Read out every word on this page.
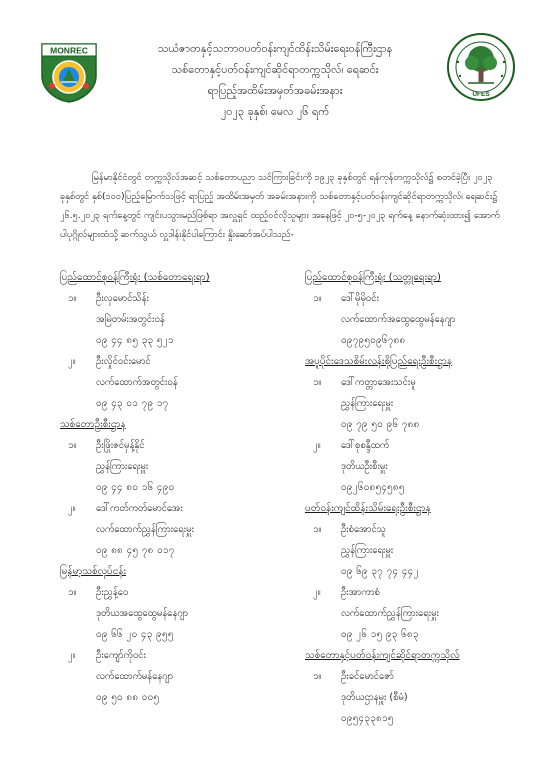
MONREC
UFES
သယံဇာတနှင့်သဘာဝပတ်ဝန်းကျင်ထိန်းသိမ်းရေးဝန်ကြီးဌာန
သစ်တောနှင့်ပတ်ဝန်းကျင်ဆိုင်ရာတက္ကသိုလ်၊ ရေဆင်း
ရာပြည့်အထိမ်းအမှတ်အခမ်းအနား
၂၀၂၃ ခုနှစ်၊ မေလ ၂၆ ရက်

မြန်မာနိုင်ငံတွင် တက္ကသိုလ်အဆင့် သစ်တောပညာ သင်ကြားခြင်းကို ၁၉၂၃ ခုနှစ်တွင် ရန်ကုန်တက္ကသိုလ်၌ စတင်ခဲ့ပြီး ၂၀၂၃ ခုနှစ်တွင် နှစ်(၁၀၀)ပြည့်မြောက်သဖြင့် ရာပြည့် အထိမ်းအမှတ် အခမ်းအနားကို သစ်တောနှင့်ပတ်ဝန်းကျင်ဆိုင်ရာတက္ကသိုလ်၊ ရေဆင်း၌ ၂၆.၅.၂၀၂၃ ရက်နေ့တွင် ကျင်းပသွားမည်ဖြစ်ရာ အလှူရှင် ထည့်ဝင်လိုသူများ အနေဖြင့် ၂၀-၅-၂၀၂၃ ရက်နေ့ နောက်ဆုံးထား၍ အောက်ပါပုဂ္ဂိုလ်များထံသို့ ဆက်သွယ် လှူဒါန်းနိုင်ပါကြောင်း နှိုးဆော်အပ်ပါသည်-

ပြည်ထောင်စုဝန်ကြီးရုံး (သစ်တောရေးရာ)
၁။	ဦးလှမောင်သိန်း
အမြဲတမ်းအတွင်းဝန်
၀၉ ၄၄ ၈၅ ၃၃ ၅၂၁
၂။	ဦးလှိုင်ဝင်းမောင်
လက်ထောက်အတွင်းဝန်
၀၉ ၄၃ ၀၁ ၇၉ ၁၇
သစ်တောဦးစီးဌာန
၁။	ဦးဖြိုးဇင်မှန့်နိုင်
ညွှန်ကြားရေးမှူး
၀၉ ၄၄ ၈၀ ၁၆ ၄၉၀
၂။	ဒေါ်ကတ်ကတ်မောင်အေး
လက်ထောက်ညွှန်ကြားရေးမှူး
၀၉ ၈၈ ၄၅ ၇၈ ၀၁၇
မြန်မာ့သစ်လုပ်ငန်း
၁။	ဦးညွှန့်ဝေ
ဒုတိယအထွေထွေမန်နေဂျာ
၀၉ ၆၆ ၂၀ ၄၃ ၉၅၅
၂။	ဦးကျော်ကိုဝင်း
လက်ထောက်မန်နေဂျာ
၀၉ ၅၀ ၈၈ ၀၀၅
ပြည်ထောင်စုဝန်ကြီးရုံး (သတ္တုရေးရာ)
၁။	ဒေါ်မိုမိုဝင်း
လက်ထောက်အထွေထွေမန်နေဂျာ
၀၉၇၉၅၀၉၆၇၈၈
အပူပိုင်းဒေသစိမ်းလန်းစိုပြည်ရေးဦးစီးဌာန
၁။	ဒေါ်ကတ္တာအေးသင်းမူ
ညွှန်ကြားရေးမှူး
၀၉ ၇၉ ၅၀ ၉၆ ၇၈၈
၂။	ဒေါ်စုစန္ဒီထက်
ဒုတိယဦးစီးမှူး
၀၉၂၆၀၈၅၄၅၈၅
ပတ်ဝန်းကျင်ထိန်းသိမ်းရေးဦးစီးဌာန
၁။	ဦးစံအောင်သူ
ညွှန်ကြားရေးမှူး
၀၉ ၆၉ ၃၇ ၇၄ ၄၄၂
၂။	ဦးအာကာစံ
လက်ထောက်ညွှန်ကြားရေးမှူး
၀၉ ၂၆ ၁၅ ၉၃ ၆၈၃
သစ်တောနှင့်ပတ်ဝန်းကျင်ဆိုင်ရာတက္ကသိုလ်
၁။	ဦးခင်မောင်ဇော်
ဒုတိယဌာနမှူး (စီမံ)
၀၉၅၄၃၃၈၁၅
